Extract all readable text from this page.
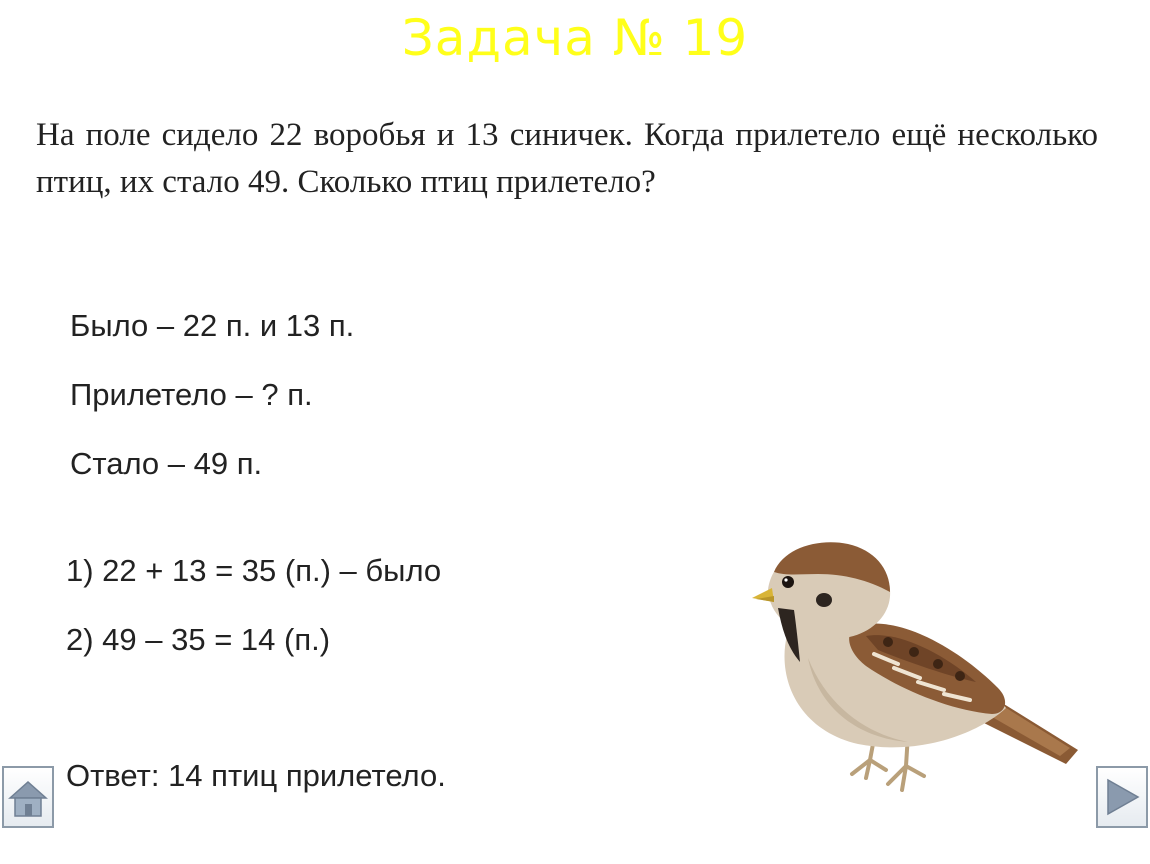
Задача № 19
На поле сидело 22 воробья и 13 синичек. Когда прилетело ещё несколько птиц, их стало 49. Сколько птиц прилетело?
Было – 22 п. и 13 п.
Прилетело – ? п.
Стало – 49 п.
1) 22 + 13 = 35 (п.) – было
2) 49 – 35 = 14 (п.)
Ответ: 14 птиц прилетело.
